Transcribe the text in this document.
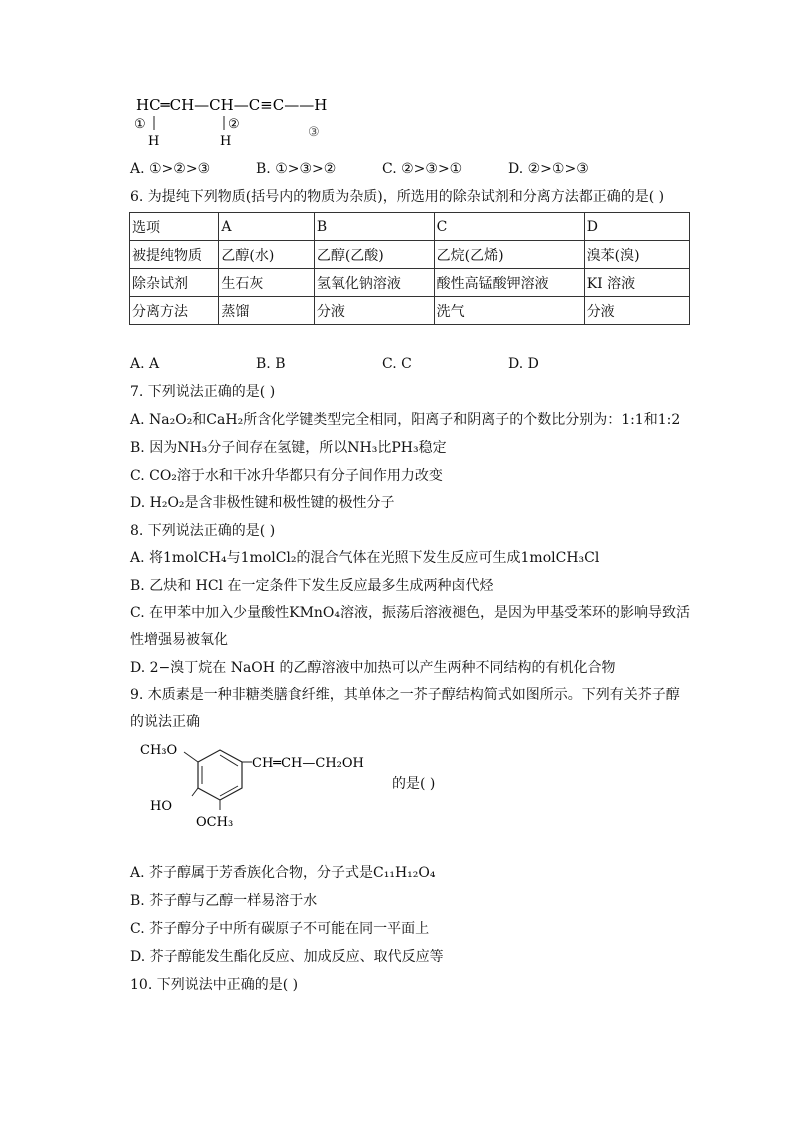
HC═CH—CH—C≡C——H
①
H
②
H
③
A. ①>②>③	B. ①>③>②	C. ②>③>①	D. ②>①>③
6. 为提纯下列物质(括号内的物质为杂质)，所选用的除杂试剂和分离方法都正确的是( )
选项	A	B	C	D
被提纯物质	乙醇(水)	乙醇(乙酸)	乙烷(乙烯)	溴苯(溴)
除杂试剂	生石灰	氢氧化钠溶液	酸性高锰酸钾溶液	KI 溶液
分离方法	蒸馏	分液	洗气	分液
A. A	B. B	C. C	D. D
7. 下列说法正确的是( )
A. Na₂O₂和CaH₂所含化学键类型完全相同，阳离子和阴离子的个数比分别为：1:1和1:2
B. 因为NH₃分子间存在氢键，所以NH₃比PH₃稳定
C. CO₂溶于水和干冰升华都只有分子间作用力改变
D. H₂O₂是含非极性键和极性键的极性分子
8. 下列说法正确的是( )
A. 将1molCH₄与1molCl₂的混合气体在光照下发生反应可生成1molCH₃Cl
B. 乙炔和 HCl 在一定条件下发生反应最多生成两种卤代烃
C. 在甲苯中加入少量酸性KMnO₄溶液，振荡后溶液褪色，是因为甲基受苯环的影响导致活
性增强易被氧化
D. 2−溴丁烷在 NaOH 的乙醇溶液中加热可以产生两种不同结构的有机化合物
9. 木质素是一种非糖类膳食纤维，其单体之一芥子醇结构简式如图所示。下列有关芥子醇
的说法正确
CH₃O
CH═CH—CH₂OH
HO
OCH₃
的是( )
A. 芥子醇属于芳香族化合物，分子式是C₁₁H₁₂O₄
B. 芥子醇与乙醇一样易溶于水
C. 芥子醇分子中所有碳原子不可能在同一平面上
D. 芥子醇能发生酯化反应、加成反应、取代反应等
10. 下列说法中正确的是( )
